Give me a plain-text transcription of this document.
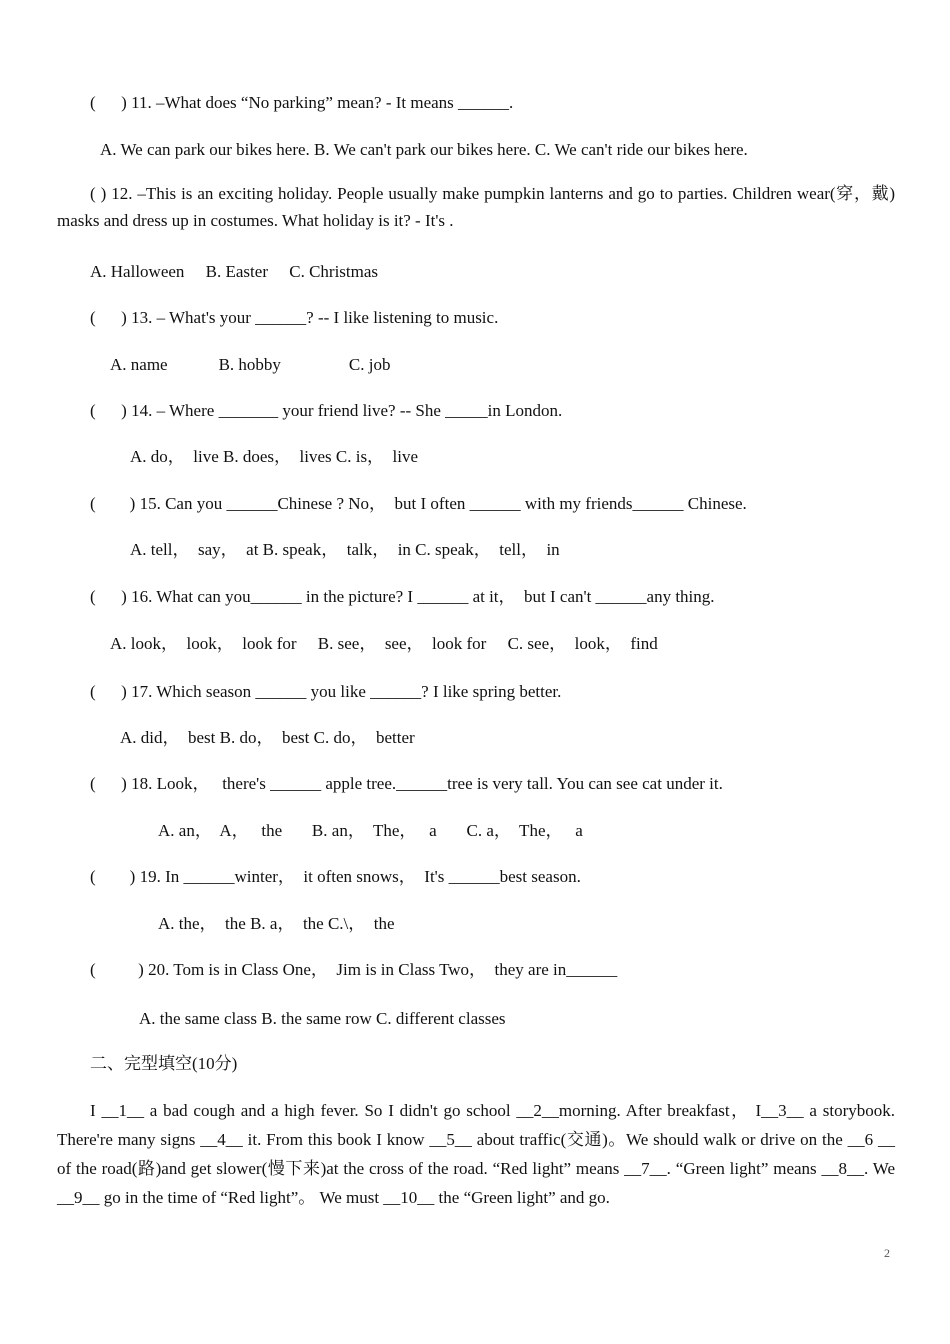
(      ) 11. –What does “No parking” mean? - It means ______.
A. We can park our bikes here. B. We can't park our bikes here. C. We can't ride our bikes here.
( ) 12. –This is an exciting holiday. People usually make pumpkin lanterns and go to parties. Children wear(穿，戴) masks and dress up in costumes. What holiday is it? - It's .
A. Halloween     B. Easter     C. Christmas
(      ) 13. – What's your ______? -- I like listening to music.
A. name            B. hobby                C. job
(      ) 14. – Where _______ your friend live? -- She _____in London.
A. do，  live B. does，  lives C. is，  live
(        ) 15. Can you ______Chinese ? No，  but I often ______ with my friends______ Chinese.
A. tell，  say，  at B. speak，  talk，  in C. speak，  tell，  in
(      ) 16. What can you______ in the picture? I ______ at it，  but I can't ______any thing.
A. look，  look，  look for     B. see，  see，  look for     C. see，  look，  find
(      ) 17. Which season ______ you like ______? I like spring better.
A. did，  best B. do，  best C. do，  better
(      ) 18. Look，   there's ______ apple tree.______tree is very tall. You can see cat under it.
A. an，  A，   the       B. an，  The，   a       C. a，  The，   a
(        ) 19. In ______winter，  it often snows，  It's ______best season.
A. the，  the B. a，  the C.\，  the
(          ) 20. Tom is in Class One，  Jim is in Class Two，  they are in______
A. the same class B. the same row C. different classes
二、完型填空(10分)
I __1__ a bad cough and a high fever. So I didn't go school __2__morning. After breakfast， I__3__ a storybook. There're many signs __4__ it. From this book I know __5__ about traffic(交通)。We should walk or drive on the __6 __ of the road(路)and get slower(慢下来)at the cross of the road. “Red light” means __7__. “Green light” means __8__. We __9__ go in the time of “Red light”。 We must __10__ the “Green light” and go.
2
